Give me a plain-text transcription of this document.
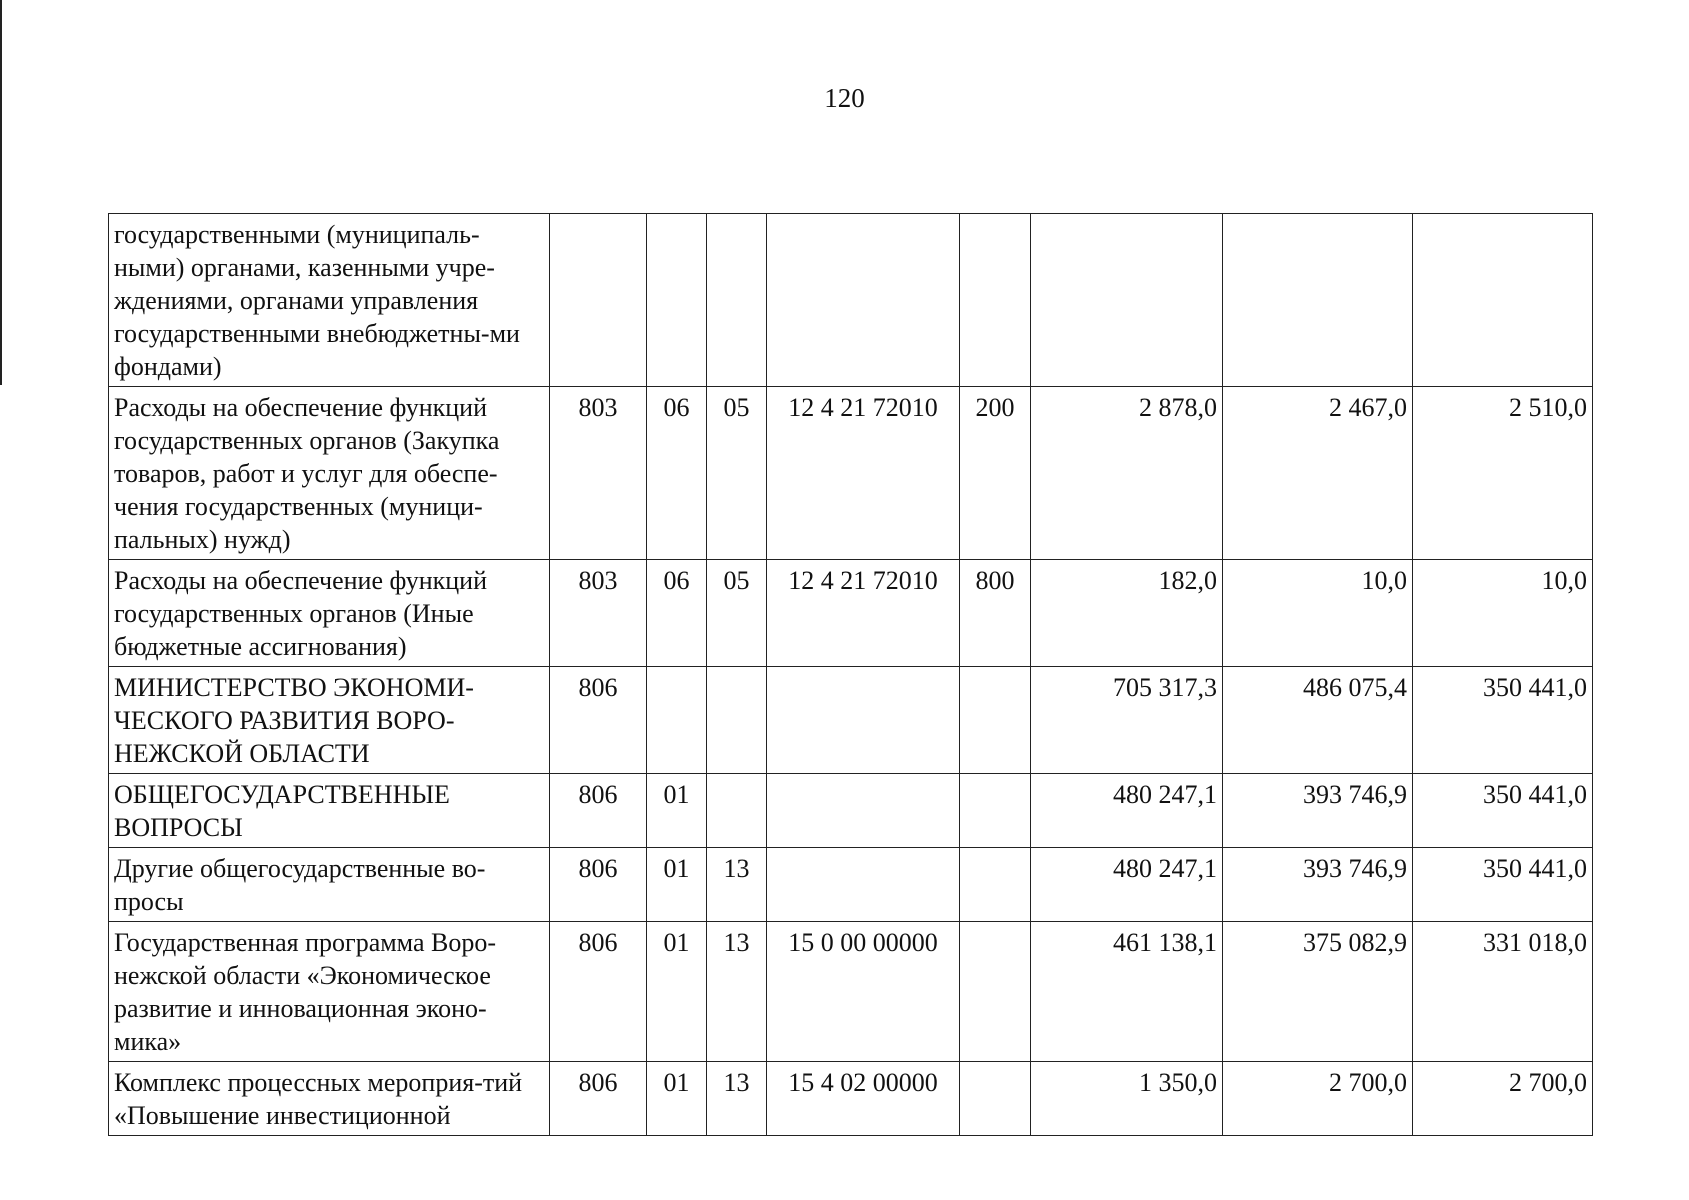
120
государственными (муниципаль-ными) органами, казенными учре-ждениями, органами управления государственными внебюджетны-ми фондами)								
Расходы на обеспечение функций государственных органов (Закупка товаров, работ и услуг для обеспе-чения государственных (муници-пальных) нужд)	803	06	05	12 4 21 72010	200	2 878,0	2 467,0	2 510,0
Расходы на обеспечение функций государственных органов (Иные бюджетные ассигнования)	803	06	05	12 4 21 72010	800	182,0	10,0	10,0
МИНИСТЕРСТВО ЭКОНОМИ-ЧЕСКОГО РАЗВИТИЯ ВОРО-НЕЖСКОЙ ОБЛАСТИ	806					705 317,3	486 075,4	350 441,0
ОБЩЕГОСУДАРСТВЕННЫЕ ВОПРОСЫ	806	01				480 247,1	393 746,9	350 441,0
Другие общегосударственные во-просы	806	01	13			480 247,1	393 746,9	350 441,0
Государственная программа Воро-нежской области «Экономическое развитие и инновационная эконо-мика»	806	01	13	15 0 00 00000		461 138,1	375 082,9	331 018,0
Комплекс процессных мероприя-тий «Повышение инвестиционной	806	01	13	15 4 02 00000		1 350,0	2 700,0	2 700,0
